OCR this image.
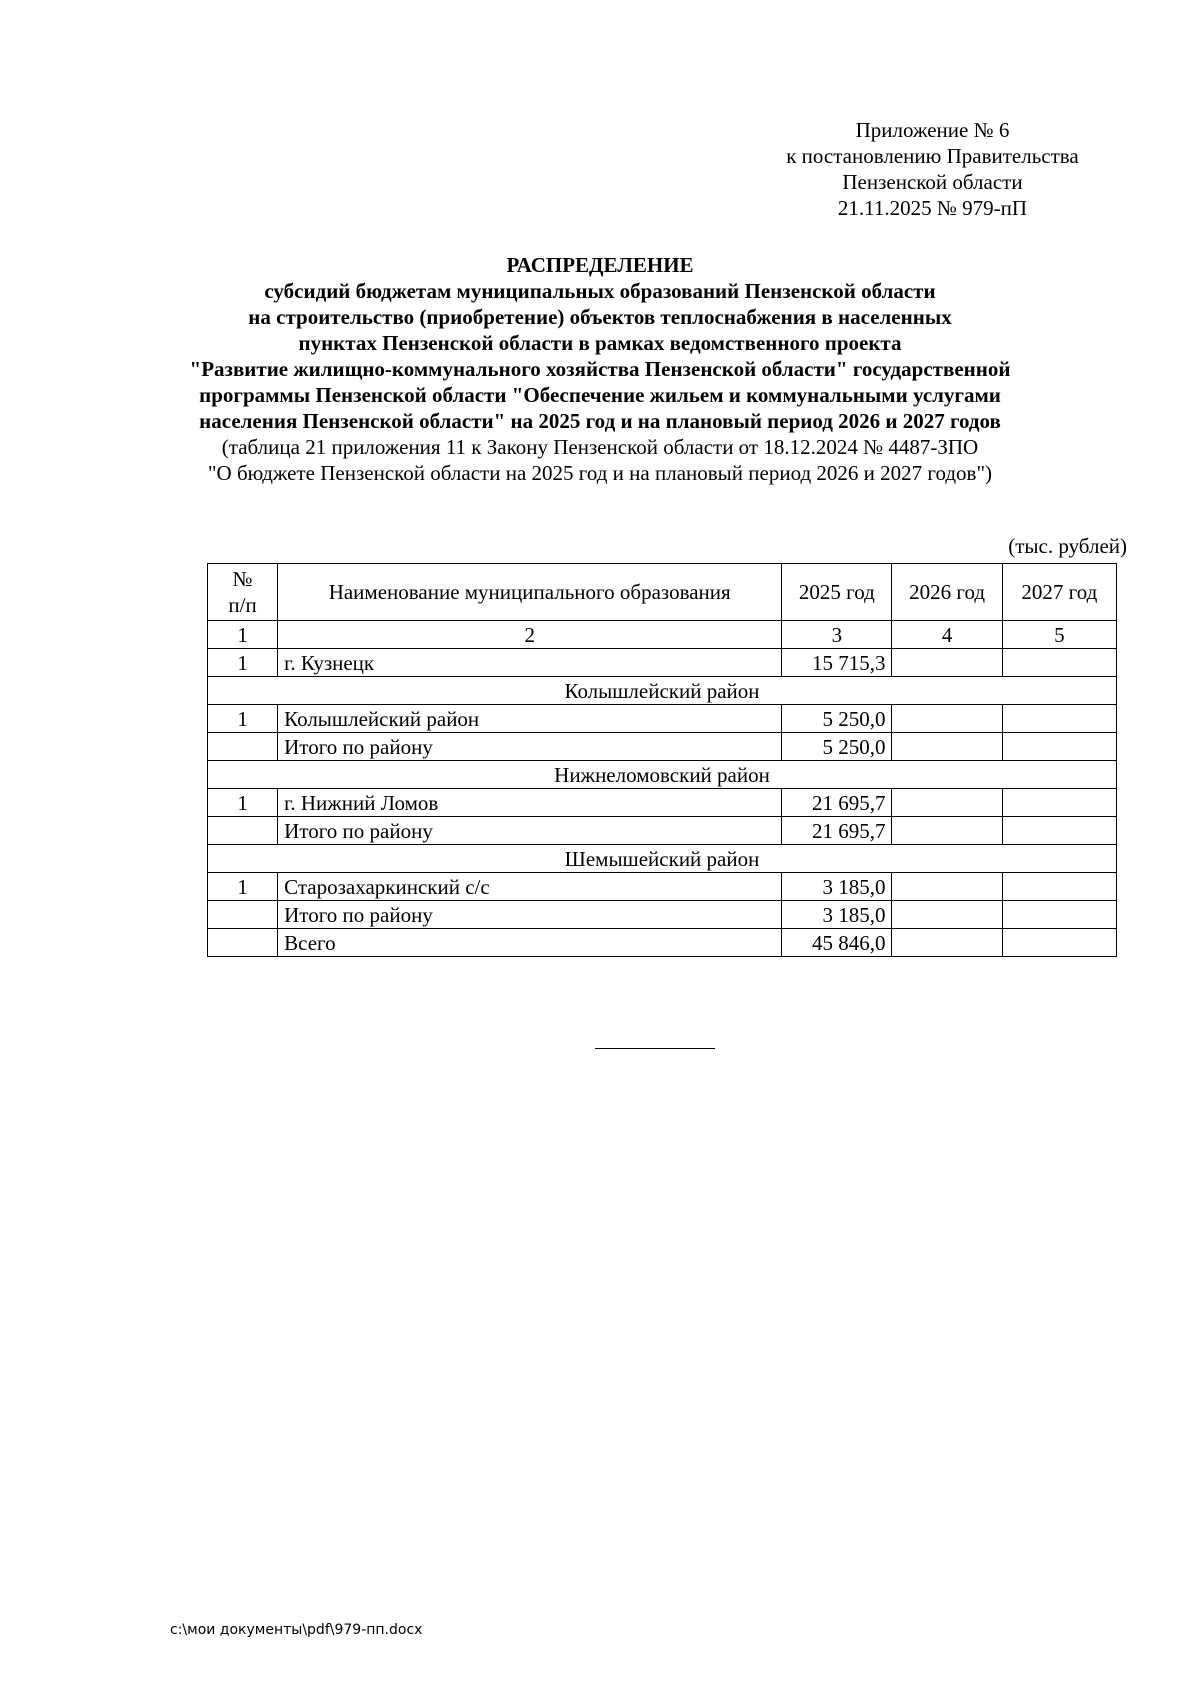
Приложение № 6
к постановлению Правительства
Пензенской области
21.11.2025 № 979-пП
РАСПРЕДЕЛЕНИЕ
субсидий бюджетам муниципальных образований Пензенской области
на строительство (приобретение) объектов теплоснабжения в населенных
пунктах Пензенской области в рамках ведомственного проекта
"Развитие жилищно-коммунального хозяйства Пензенской области" государственной
программы Пензенской области "Обеспечение жильем и коммунальными услугами
населения Пензенской области" на 2025 год и на плановый период 2026 и 2027 годов
(таблица 21 приложения 11 к Закону Пензенской области от 18.12.2024 № 4487-ЗПО
"О бюджете Пензенской области на 2025 год и на плановый период 2026 и 2027 годов")
(тыс. рублей)
№
п/п	Наименование муниципального образования	2025 год	2026 год	2027 год
1	2	3	4	5
1	г. Кузнецк	15 715,3		
Колышлейский район				
1	Колышлейский район	5 250,0		
	Итого по району	5 250,0		
Нижнеломовский район				
1	г. Нижний Ломов	21 695,7		
	Итого по району	21 695,7		
Шемышейский район				
1	Старозахаркинский с/с	3 185,0		
	Итого по району	3 185,0		
	Всего	45 846,0		
c:\мои документы\pdf\979-пп.docx
